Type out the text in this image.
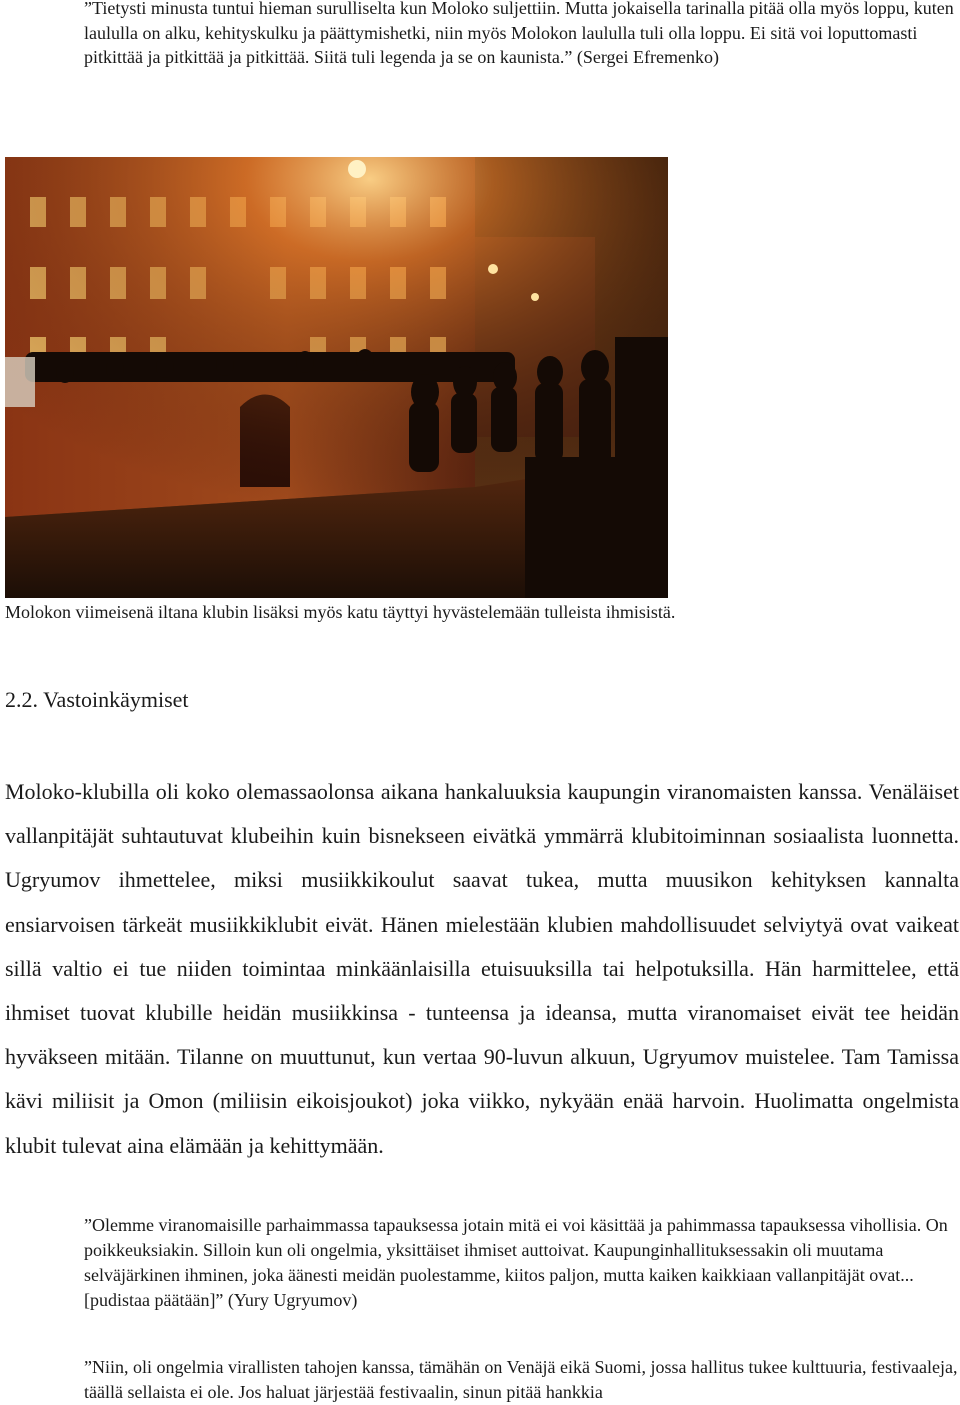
”Tietysti minusta tuntui hieman surulliselta kun Moloko suljettiin. Mutta jokaisella tarinalla pitää olla myös loppu, kuten laululla on alku, kehityskulku ja päättymishetki, niin myös Molokon laululla tuli olla loppu. Ei sitä voi loputtomasti pitkittää ja pitkittää ja pitkittää. Siitä tuli legenda ja se on kaunista.” (Sergei Efremenko)

Molokon viimeisenä iltana klubin lisäksi myös katu täyttyi hyvästelemään tulleista ihmisistä.

2.2. Vastoinkäymiset

Moloko-klubilla oli koko olemassaolonsa aikana hankaluuksia kaupungin viranomaisten kanssa. Venäläiset vallanpitäjät suhtautuvat klubeihin kuin bisnekseen eivätkä ymmärrä klubitoiminnan sosiaalista luonnetta. Ugryumov ihmettelee, miksi musiikkikoulut saavat tukea, mutta muusikon kehityksen kannalta ensiarvoisen tärkeät musiikkiklubit eivät. Hänen mielestään klubien mahdollisuudet selviytyä ovat vaikeat sillä valtio ei tue niiden toimintaa minkäänlaisilla etuisuuksilla tai helpotuksilla. Hän harmittelee, että ihmiset tuovat klubille heidän musiikkinsa - tunteensa ja ideansa, mutta viranomaiset eivät tee heidän hyväkseen mitään. Tilanne on muuttunut, kun vertaa 90-luvun alkuun, Ugryumov muistelee. Tam Tamissa kävi miliisit ja Omon (miliisin eikoisjoukot) joka viikko, nykyään enää harvoin. Huolimatta ongelmista klubit tulevat aina elämään ja kehittymään.

”Olemme viranomaisille parhaimmassa tapauksessa jotain mitä ei voi käsittää ja pahimmassa tapauksessa vihollisia. On poikkeuksiakin. Silloin kun oli ongelmia, yksittäiset ihmiset auttoivat. Kaupunginhallituksessakin oli muutama selväjärkinen ihminen, joka äänesti meidän puolestamme, kiitos paljon, mutta kaiken kaikkiaan vallanpitäjät ovat...[pudistaa päätään]” (Yury Ugryumov)

”Niin, oli ongelmia virallisten tahojen kanssa, tämähän on Venäjä eikä Suomi, jossa hallitus tukee kulttuuria, festivaaleja, täällä sellaista ei ole. Jos haluat järjestää festivaalin, sinun pitää hankkia
